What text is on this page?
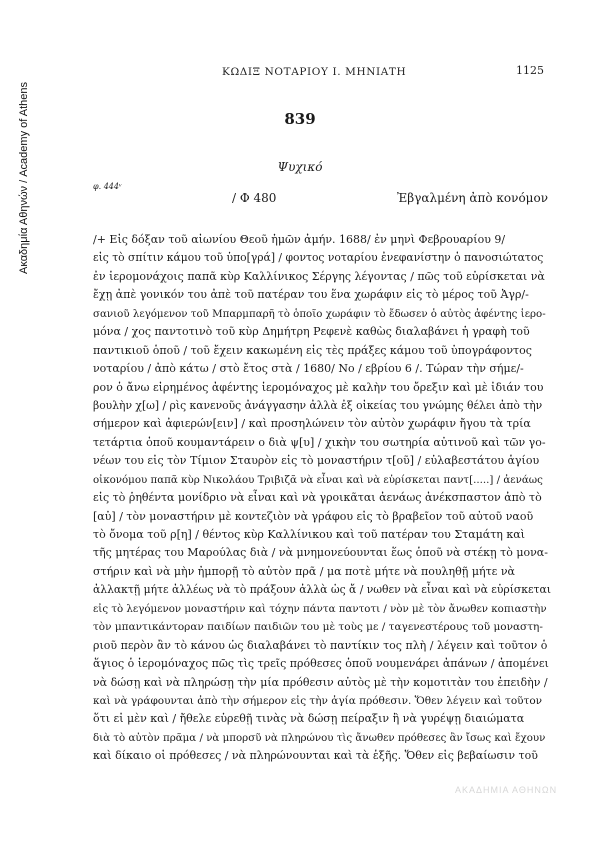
Ακαδημία Αθηνών / Academy of Athens
ΚΩΔΙΞ ΝΟΤΑΡΙΟΥ Ι. ΜΗΝΙΑΤΗ	1125
839
Ψυχικό
φ. 444ᵛ
/ Φ 480	Ἐβγαλμένη ἀπὸ κονόμον
/+ Εἰς δόξαν τοῦ αἰωνίου Θεοῦ ἡμῶν ἀμήν. 1688/ ἐν μηνὶ Φεβρουαρίου 9/
εἰς τὸ σπίτιν κάμου τοῦ ὑπο[γρά] / φοντος νοταρίου ἐνεφανίστην ὁ πανοσιώτατος
ἐν ἱερομονάχοις παπᾶ κὺρ Καλλίνικος Σέργης λέγοντας / πῶς τοῦ εὑρίσκεται νὰ
ἔχῃ ἀπὲ γονικόν του ἀπὲ τοῦ πατέραν του ἕνα χωράφιν εἰς τὸ μέρος τοῦ Ἀγρ/-
σανιοῦ λεγόμενον τοῦ Μπαρμπαρῆ τὸ ὁποῖο χωράφιν τὸ ἔδωσεν ὁ αὐτὸς ἀφέντης ἱερο-
μόνα / χος παντοτινὸ τοῦ κὺρ Δημήτρη Ρεφενὲ καθὼς διαλαβάνει ἡ γραφὴ τοῦ
παντικιοῦ ὁποῦ / τοῦ ἔχειν κακωμένη εἰς τὲς πράξες κάμου τοῦ ὑπογράφοντος
νοταρίου / ἀπὸ κάτω / στὸ ἔτος στὰ / 1680/ Νο / εβρίου 6 /. Τώραν τὴν σήμε/-
ρον ὁ ἄνω εἰρημένος ἀφέντης ἱερομόναχος μὲ καλὴν του ὄρεξιν καὶ μὲ ἰδιάν του
βουλὴν χ[ω] / ρὶς κανενοῦς ἀνάγγασην ἀλλὰ ἐξ οἰκείας του γνώμης θέλει ἀπὸ τὴν
σήμερον καὶ ἀφιερών[ειν] / καὶ προσηλώνειν τὸν αὐτὸν χωράφιν ἤγου τὰ τρία
τετάρτια ὁποῦ κουμαντάρειν ο διὰ ψ[υ] / χικὴν του σωτηρία αὐτινοῦ καὶ τῶν γο-
νέων του εἰς τὸν Τίμιον Σταυρὸν εἰς τὸ μοναστήριν τ[οῦ] / εὐλαβεστάτου ἁγίου
οἰκονόμου παπᾶ κὺρ Νικολάου Τριβιζᾶ νὰ εἶναι καὶ νὰ εὑρίσκεται παντ[.....] / ἀενάως
εἰς τὸ ῥηθέντα μονίδριο νὰ εἶναι καὶ νὰ γροικᾶται ἀενάως ἀνέκσπαστον ἀπὸ τὸ
[αὐ] / τὸν μοναστήριν μὲ κοντεζιὸν νὰ γράφου εἰς τὸ βραβεῖον τοῦ αὐτοῦ ναοῦ
τὸ ὄνομα τοῦ ρ[η] / θέντος κὺρ Καλλίνικου καὶ τοῦ πατέραν του Σταμάτη καὶ
τῆς μητέρας του Μαρούλας διὰ / νὰ μνημονεύουνται ἕως ὁποῦ νὰ στέκῃ τὸ μονα-
στήριν καὶ νὰ μὴν ἠμπορῇ τὸ αὐτὸν πρᾶ / μα ποτὲ μήτε νὰ πουληθῇ μήτε νὰ
ἀλλακτῇ μήτε ἀλλέως νὰ τὸ πράξουν ἀλλὰ ὡς ἄ / νωθεν νὰ εἶναι καὶ νὰ εὑρίσκεται
εἰς τὸ λεγόμενον μοναστήριν καὶ τόχην πάντα παντοτι / νὸν μὲ τὸν ἄνωθεν κοπιαστὴν
τὸν μπαντικάντοραν παιδίων παιδιῶν του μὲ τοὺς με / ταγενεστέρους τοῦ μοναστη-
ριοῦ περὸν ἂν τὸ κάνου ὡς διαλαβάνει τὸ παντίκιν τος πλὴ / λέγειν καὶ τοῦτον ὁ
ἅγιος ὁ ἱερομόναχος πῶς τὶς τρεῖς πρόθεσες ὁποῦ νουμενάρει ἀπάνων / ἀπομένει
νὰ δώσῃ καὶ νὰ πληρώσῃ τὴν μία πρόθεσιν αὐτὸς μὲ τὴν κομοτιτὰν του ἐπειδὴν /
καὶ νὰ γράφουνται ἀπὸ τὴν σήμερον εἰς τὴν ἁγία πρόθεσιν. Ὅθεν λέγειν καὶ τοῦτον
ὅτι εἰ μὲν καὶ / ἤθελε εὑρεθῇ τινὰς νὰ δώσῃ πείραξιν ἢ νὰ γυρέψῃ διαιώματα
διὰ τὸ αὐτὸν πρᾶμα / νὰ μπορσῦ νὰ πληρώνου τὶς ἄνωθεν πρόθεσες ἂν ἴσως καὶ ἔχουν
καὶ δίκαιο οἱ πρόθεσες / νὰ πληρώνουνται καὶ τὰ ἑξῆς. Ὅθεν εἰς βεβαίωσιν τοῦ
ΑΚΑΔΗΜΙΑ ΑΘΗΝΩΝ
